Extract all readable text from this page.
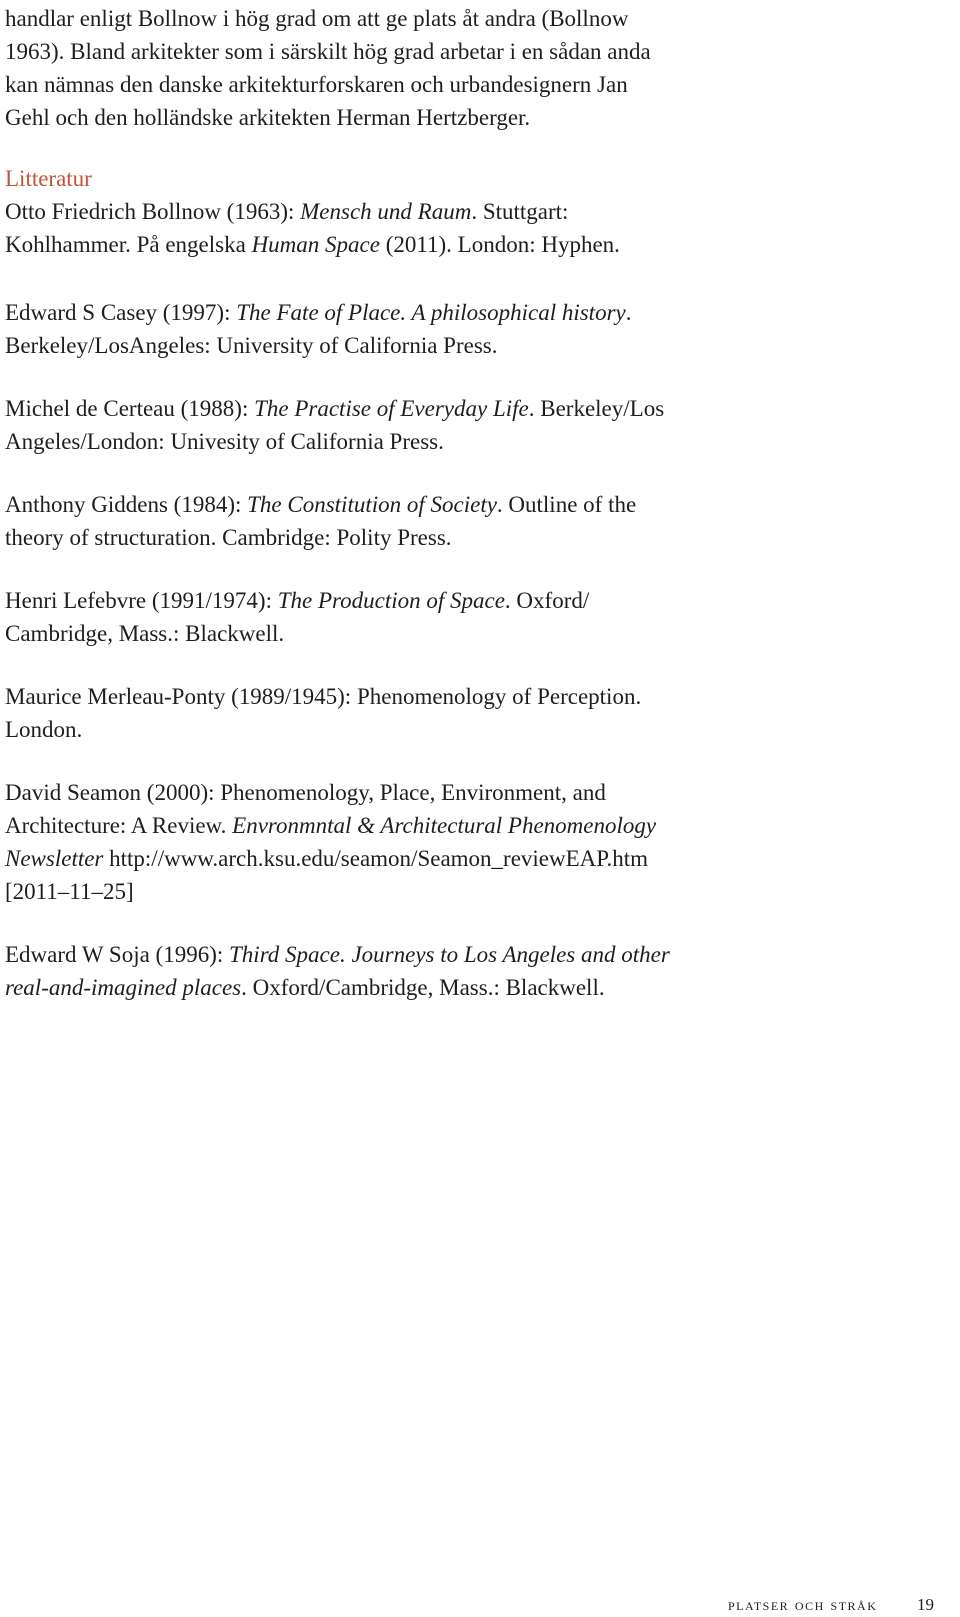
handlar enligt Bollnow i hög grad om att ge plats åt andra (Bollnow 1963). Bland arkitekter som i särskilt hög grad arbetar i en sådan anda kan nämnas den danske arkitekturforskaren och urbandesignern Jan Gehl och den holländske arkitekten Herman Hertzberger.

Litteratur

Otto Friedrich Bollnow (1963): Mensch und Raum. Stuttgart: Kohlhammer. På engelska Human Space (2011). London: Hyphen.

Edward S Casey (1997): The Fate of Place. A philosophical history. Berkeley/LosAngeles: University of California Press.

Michel de Certeau (1988): The Practise of Everyday Life. Berkeley/Los Angeles/London: Univesity of California Press.

Anthony Giddens (1984): The Constitution of Society. Outline of the theory of structuration. Cambridge: Polity Press.

Henri Lefebvre (1991/1974): The Production of Space. Oxford/ Cambridge, Mass.: Blackwell.

Maurice Merleau-Ponty (1989/1945): Phenomenology of Perception. London.

David Seamon (2000): Phenomenology, Place, Environment, and Architecture: A Review. Envronmntal & Architectural Phenomenology Newsletter http://www.arch.ksu.edu/seamon/Seamon_reviewEAP.htm [2011–11–25]

Edward W Soja (1996): Third Space. Journeys to Los Angeles and other real-and-imagined places. Oxford/Cambridge, Mass.: Blackwell.

platser och stråk 19
